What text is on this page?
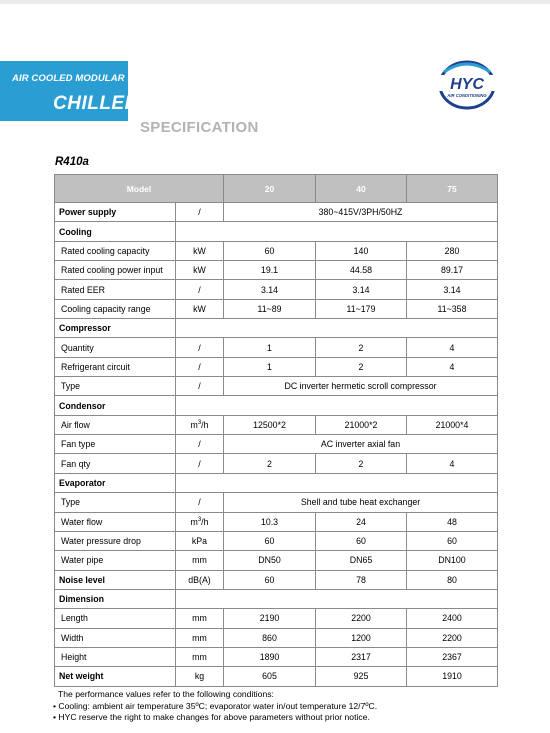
AIR COOLED MODULAR
CHILLER
SPECIFICATION
HYC
AIR CONDITIONING
R410a
Model		20	40	75
Power supply	/	380~415V/3PH/50HZ		
Cooling				
Rated cooling capacity	kW	60	140	280
Rated cooling power input	kW	19.1	44.58	89.17
Rated EER	/	3.14	3.14	3.14
Cooling capacity range	kW	11~89	11~179	11~358
Compressor				
Quantity	/	1	2	4
Refrigerant circuit	/	1	2	4
Type	/	DC inverter hermetic scroll compressor		
Condensor				
Air flow	$m^3/h$	12500*2	21000*2	21000*4
Fan type	/	AC inverter axial fan		
Fan qty	/	2	2	4
Evaporator				
Type	/	Shell and tube heat exchanger		
Water flow	$m^3/h$	10.3	24	48
Water pressure drop	kPa	60	60	60
Water pipe	mm	DN50	DN65	DN100
Noise level	dB(A)	60	78	80
Dimension				
Length	mm	2190	2200	2400
Width	mm	860	1200	2200
Height	mm	1890	2317	2367
Net weight	kg	605	925	1910
The performance values refer to the following conditions:
• Cooling: ambient air temperature 35ºC; evaporator water in/out temperature 12/7ºC.
• HYC reserve the right to make changes for above parameters without prior notice.
